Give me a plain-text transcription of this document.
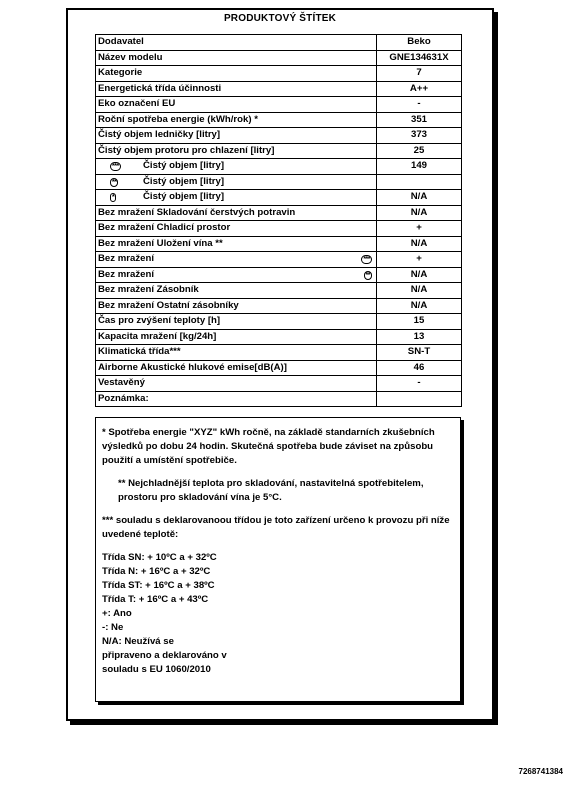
PRODUKTOVÝ ŠTÍTEK
Dodavatel	Beko
Název modelu	GNE134631X
Kategorie	7
Energetická třída účinnosti	A++
Eko označení EU	-
Roční spotřeba energie (kWh/rok) *	351
Čistý objem ledničky [litry]	373
Čistý objem protoru pro chlazení [litry]	25

*** Čistý objem [litry]	149

** Čistý objem [litry]	

* Čistý objem [litry]	N/A
Bez mražení Skladování čerstvých potravin	N/A
Bez mražení Chladicí prostor	+
Bez mražení Uložení vína **	N/A
Bez mražení ***	+
Bez mražení **	N/A
Bez mražení Zásobník	N/A
Bez mražení Ostatní zásobníky	N/A
Čas pro zvýšení teploty [h]	15
Kapacita mražení [kg/24h]	13
Klimatická třída***	SN-T
Airborne Akustické hlukové emise[dB(A)]	46
Vestavěný	-
Poznámka:	

* Spotřeba energie "XYZ" kWh ročně, na základě standarních zkušebních výsledků po dobu 24 hodin. Skutečná spotřeba bude záviset na způsobu použití a umístění spotřebiče.

** Nejchladnější teplota pro skladování, nastavitelná spotřebitelem, prostoru pro skladování vína je 5°C.

*** souladu s deklarovanoou třídou je toto zařízení určeno k provozu při níže uvedené teplotě:

Třída SN: + 10ºC a + 32ºC

Třída N: + 16ºC a + 32ºC

Třída ST: + 16ºC a + 38ºC

Třída T: + 16ºC a + 43ºC

+: Ano

-: Ne

N/A: Neužívá se

připraveno a deklarováno v

souladu s EU 1060/2010

7268741384
